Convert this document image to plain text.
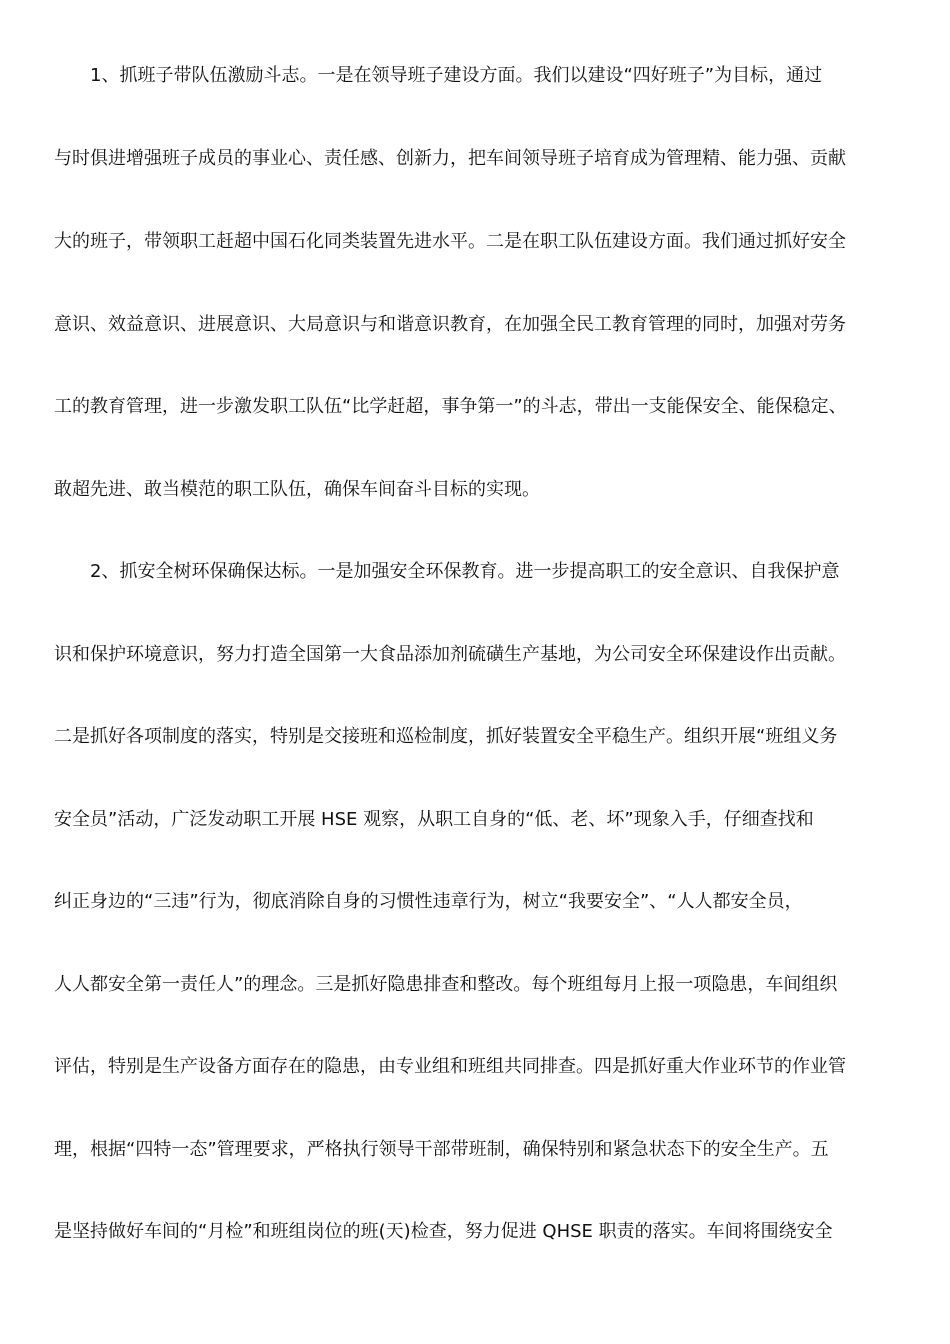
1、抓班子带队伍激励斗志。一是在领导班子建设方面。我们以建设“四好班子”为目标，通过
与时俱进增强班子成员的事业心、责任感、创新力，把车间领导班子培育成为管理精、能力强、贡献
大的班子，带领职工赶超中国石化同类装置先进水平。二是在职工队伍建设方面。我们通过抓好安全
意识、效益意识、进展意识、大局意识与和谐意识教育，在加强全民工教育管理的同时，加强对劳务
工的教育管理，进一步激发职工队伍“比学赶超，事争第一”的斗志，带出一支能保安全、能保稳定、
敢超先进、敢当模范的职工队伍，确保车间奋斗目标的实现。
2、抓安全树环保确保达标。一是加强安全环保教育。进一步提高职工的安全意识、自我保护意
识和保护环境意识，努力打造全国第一大食品添加剂硫磺生产基地，为公司安全环保建设作出贡献。
二是抓好各项制度的落实，特别是交接班和巡检制度，抓好装置安全平稳生产。组织开展“班组义务
安全员”活动，广泛发动职工开展 HSE 观察，从职工自身的“低、老、坏”现象入手，仔细查找和
纠正身边的“三违”行为，彻底消除自身的习惯性违章行为，树立“我要安全”、“人人都安全员，
人人都安全第一责任人”的理念。三是抓好隐患排查和整改。每个班组每月上报一项隐患，车间组织
评估，特别是生产设备方面存在的隐患，由专业组和班组共同排查。四是抓好重大作业环节的作业管
理，根据“四特一态”管理要求，严格执行领导干部带班制，确保特别和紧急状态下的安全生产。五
是坚持做好车间的“月检”和班组岗位的班(天)检查，努力促进 QHSE 职责的落实。车间将围绕安全
